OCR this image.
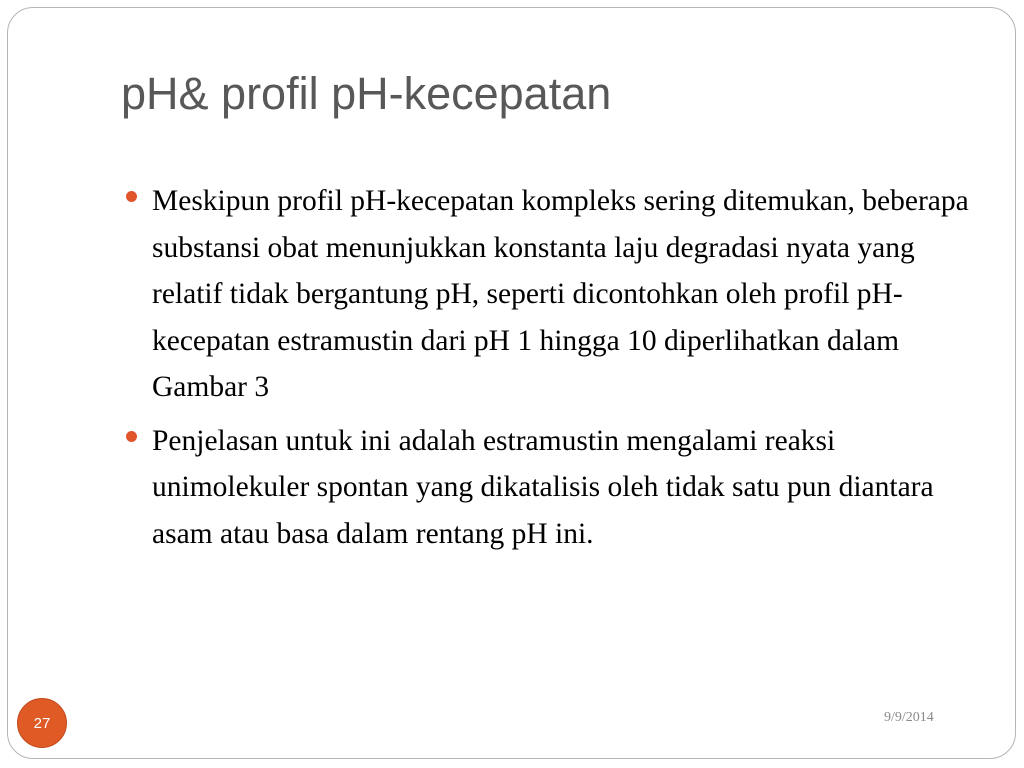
pH& profil pH-kecepatan
Meskipun profil pH-kecepatan kompleks sering ditemukan, beberapa substansi obat menunjukkan konstanta laju degradasi nyata yang relatif tidak bergantung pH, seperti dicontohkan oleh profil pH-kecepatan estramustin dari pH 1 hingga 10 diperlihatkan dalam Gambar 3
Penjelasan untuk ini adalah estramustin mengalami reaksi unimolekuler spontan yang dikatalisis oleh tidak satu pun diantara asam atau basa dalam rentang pH ini.
27	9/9/2014
